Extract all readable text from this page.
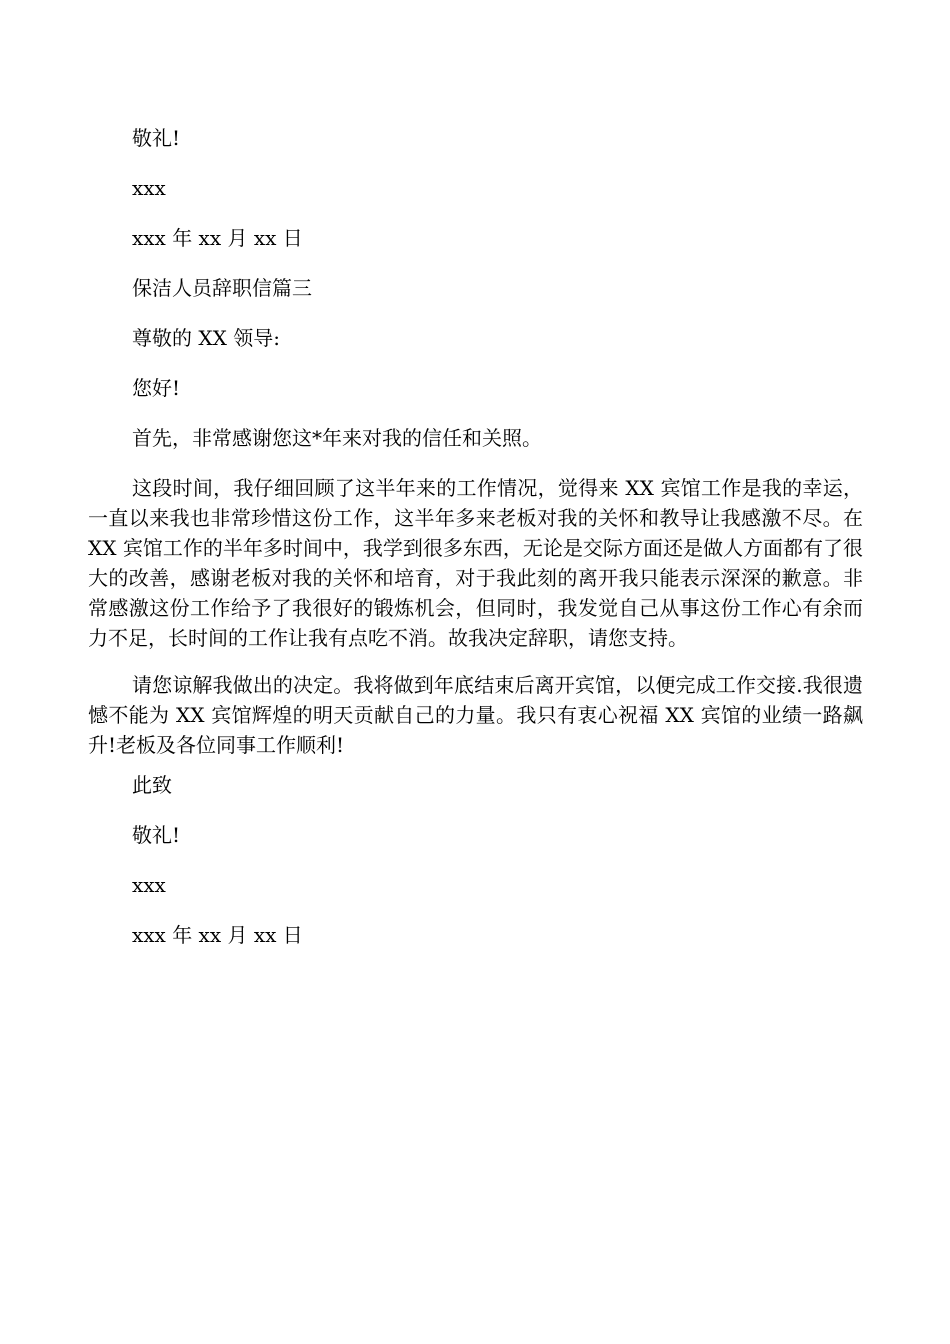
敬礼!

xxx

xxx 年 xx 月 xx 日

保洁人员辞职信篇三

尊敬的 XX 领导:

您好!

首先，非常感谢您这*年来对我的信任和关照。

这段时间，我仔细回顾了这半年来的工作情况，觉得来 XX 宾馆工作是我的幸运，一直以来我也非常珍惜这份工作，这半年多来老板对我的关怀和教导让我感激不尽。在 XX 宾馆工作的半年多时间中，我学到很多东西，无论是交际方面还是做人方面都有了很大的改善，感谢老板对我的关怀和培育，对于我此刻的离开我只能表示深深的歉意。非常感激这份工作给予了我很好的锻炼机会，但同时，我发觉自己从事这份工作心有余而力不足，长时间的工作让我有点吃不消。故我决定辞职，请您支持。

请您谅解我做出的决定。我将做到年底结束后离开宾馆，以便完成工作交接.我很遗憾不能为 XX 宾馆辉煌的明天贡献自己的力量。我只有衷心祝福 XX 宾馆的业绩一路飙升!老板及各位同事工作顺利!

此致

敬礼!

xxx

xxx 年 xx 月 xx 日
